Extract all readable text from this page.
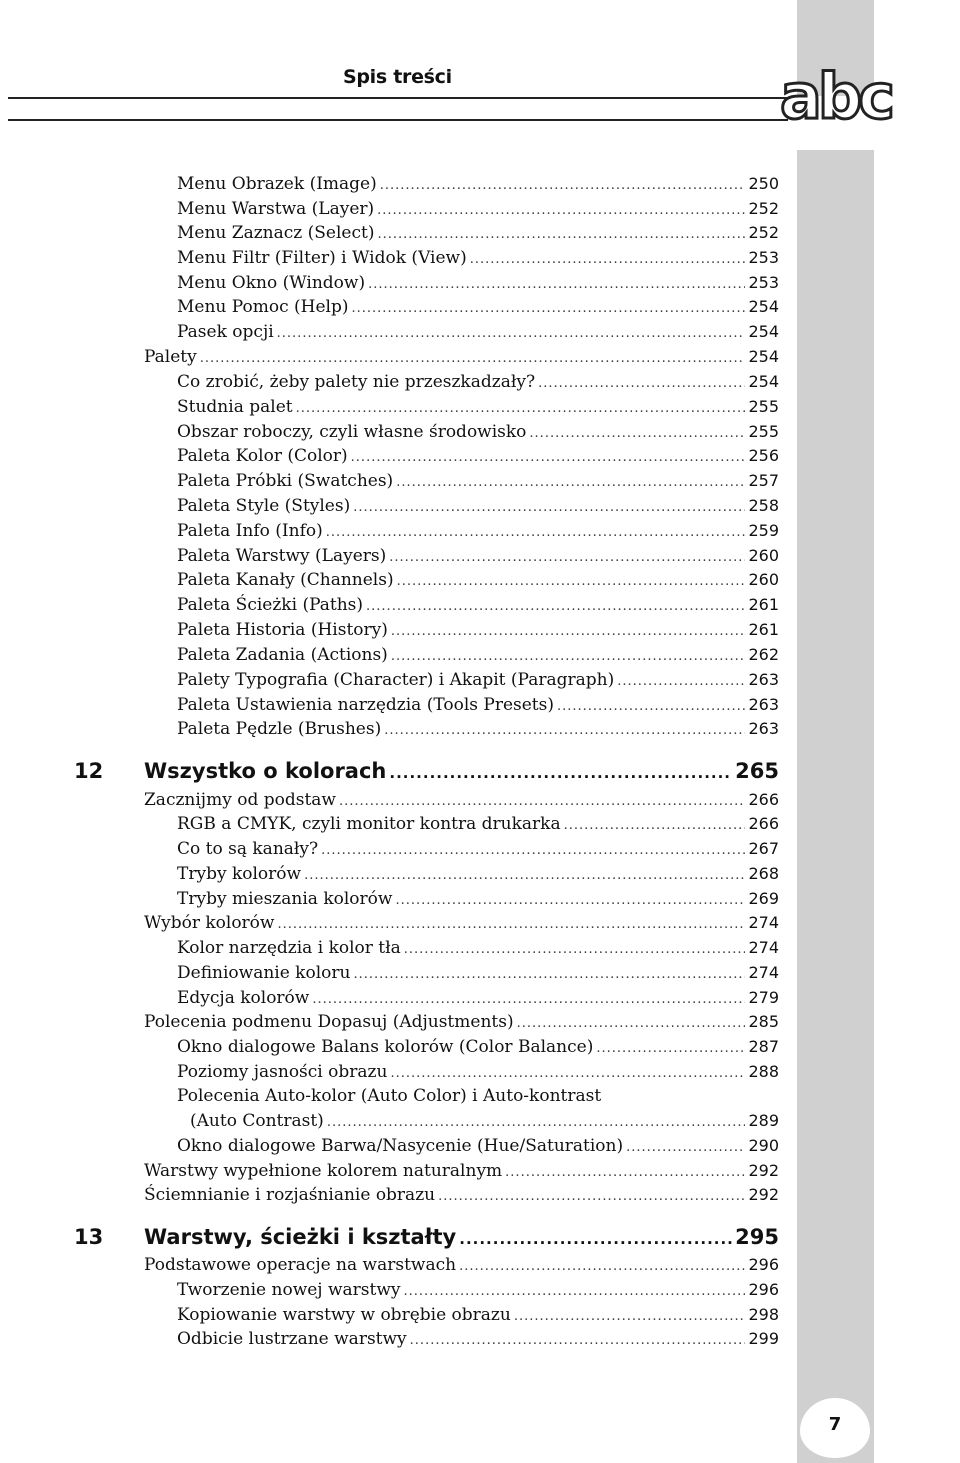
Spis treści	abc
Menu Obrazek (Image) .....	250
Menu Warstwa (Layer) .....	252
Menu Zaznacz (Select) .....	252
Menu Filtr (Filter) i Widok (View) .....	253
Menu Okno (Window) .....	253
Menu Pomoc (Help) .....	254
Pasek opcji .....	254
Palety .....	254
Co zrobić, żeby palety nie przeszkadzały? .....	254
Studnia palet .....	255
Obszar roboczy, czyli własne środowisko .....	255
Paleta Kolor (Color) .....	256
Paleta Próbki (Swatches) .....	257
Paleta Style (Styles) .....	258
Paleta Info (Info) .....	259
Paleta Warstwy (Layers) .....	260
Paleta Kanały (Channels) .....	260
Paleta Ścieżki (Paths) .....	261
Paleta Historia (History) .....	261
Paleta Zadania (Actions) .....	262
Palety Typografia (Character) i Akapit (Paragraph) .....	263
Paleta Ustawienia narzędzia (Tools Presets) .....	263
Paleta Pędzle (Brushes) .....	263
12 Wszystko o kolorach .....	265
Zacznijmy od podstaw .....	266
RGB a CMYK, czyli monitor kontra drukarka .....	266
Co to są kanały? .....	267
Tryby kolorów .....	268
Tryby mieszania kolorów .....	269
Wybór kolorów .....	274
Kolor narzędzia i kolor tła .....	274
Definiowanie koloru .....	274
Edycja kolorów .....	279
Polecenia podmenu Dopasuj (Adjustments) .....	285
Okno dialogowe Balans kolorów (Color Balance) .....	287
Poziomy jasności obrazu .....	288
Polecenia Auto-kolor (Auto Color) i Auto-kontrast
(Auto Contrast) .....	289
Okno dialogowe Barwa/Nasycenie (Hue/Saturation) .....	290
Warstwy wypełnione kolorem naturalnym .....	292
Ściemnianie i rozjaśnianie obrazu .....	292
13 Warstwy, ścieżki i kształty .....	295
Podstawowe operacje na warstwach .....	296
Tworzenie nowej warstwy .....	296
Kopiowanie warstwy w obrębie obrazu .....	298
Odbicie lustrzane warstwy .....	299
7
